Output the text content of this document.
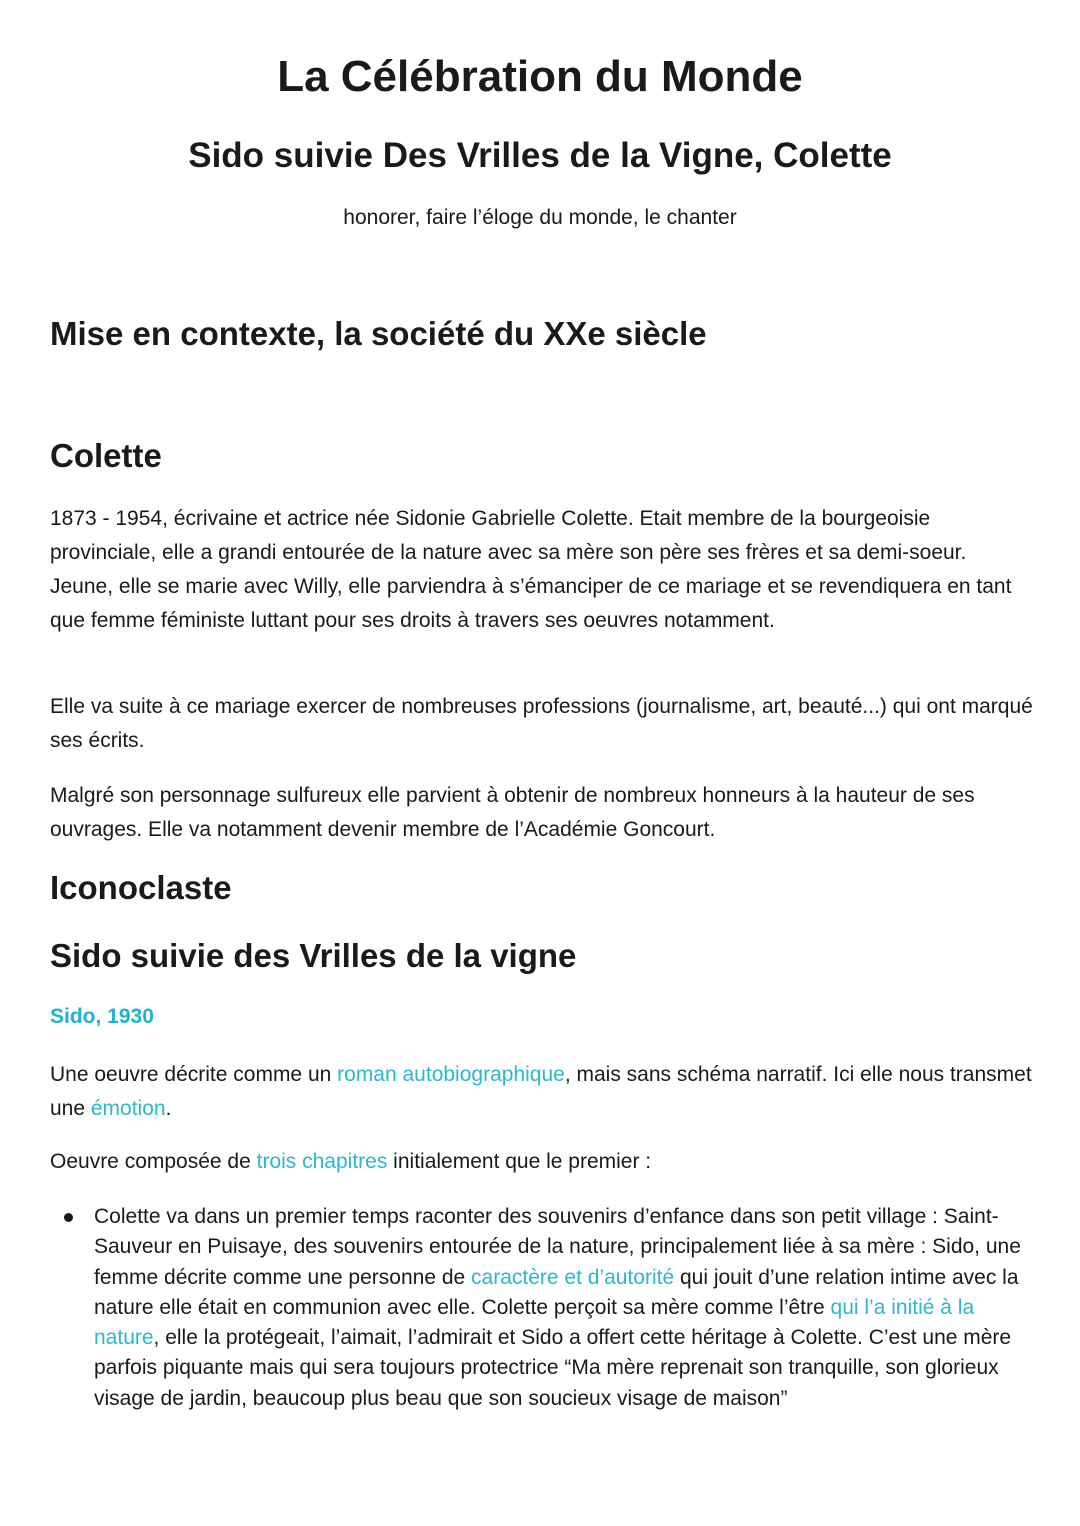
La Célébration du Monde
Sido suivie Des Vrilles de la Vigne, Colette
honorer, faire l’éloge du monde, le chanter
Mise en contexte, la société du XXe siècle
Colette

1873 - 1954, écrivaine et actrice née Sidonie Gabrielle Colette. Etait membre de la bourgeoisie provinciale, elle a grandi entourée de la nature avec sa mère son père ses frères et sa demi-soeur. Jeune, elle se marie avec Willy, elle parviendra à s’émanciper de ce mariage et se revendiquera en tant que femme féministe luttant pour ses droits à travers ses oeuvres notamment.

Elle va suite à ce mariage exercer de nombreuses professions (journalisme, art, beauté...) qui ont marqué ses écrits.

Malgré son personnage sulfureux elle parvient à obtenir de nombreux honneurs à la hauteur de ses ouvrages. Elle va notamment devenir membre de l’Académie Goncourt.

Iconoclaste
Sido suivie des Vrilles de la vigne
Sido, 1930

Une oeuvre décrite comme un roman autobiographique, mais sans schéma narratif. Ici elle nous transmet une émotion.

Oeuvre composée de trois chapitres initialement que le premier :

Colette va dans un premier temps raconter des souvenirs d’enfance dans son petit village : Saint-Sauveur en Puisaye, des souvenirs entourée de la nature, principalement liée à sa mère : Sido, une femme décrite comme une personne de caractère et d’autorité qui jouit d’une relation intime avec la nature elle était en communion avec elle. Colette perçoit sa mère comme l’être qui l’a initié à la nature, elle la protégeait, l’aimait, l’admirait et Sido a offert cette héritage à Colette. C’est une mère parfois piquante mais qui sera toujours protectrice “Ma mère reprenait son tranquille, son glorieux visage de jardin, beaucoup plus beau que son soucieux visage de maison”
